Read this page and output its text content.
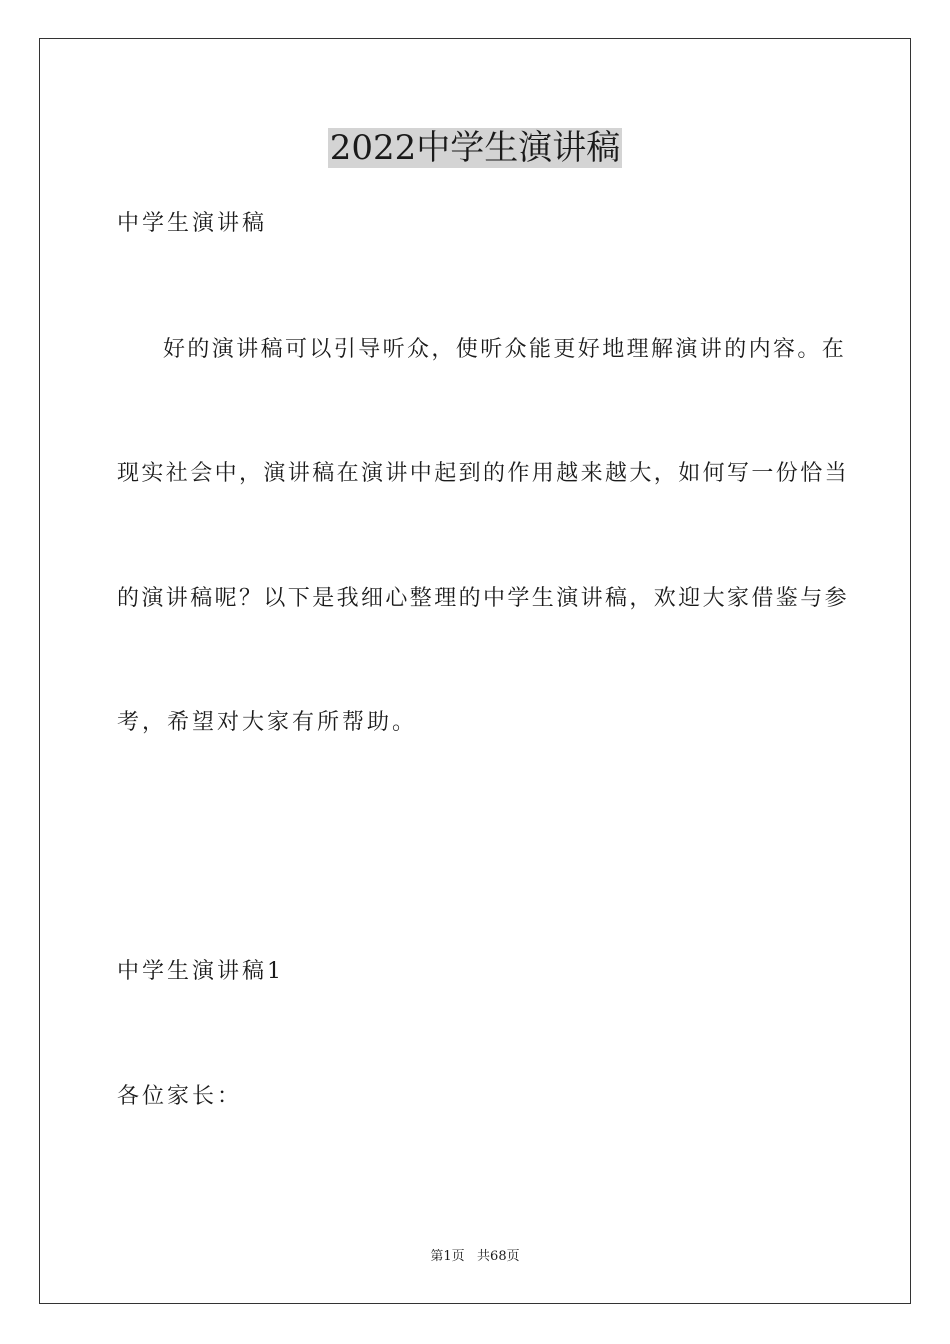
2022中学生演讲稿
中学生演讲稿
好的演讲稿可以引导听众，使听众能更好地理解演讲的内容。在
现实社会中，演讲稿在演讲中起到的作用越来越大，如何写一份恰当
的演讲稿呢？以下是我细心整理的中学生演讲稿，欢迎大家借鉴与参
考，希望对大家有所帮助。
中学生演讲稿1
各位家长：
第1页   共68页
